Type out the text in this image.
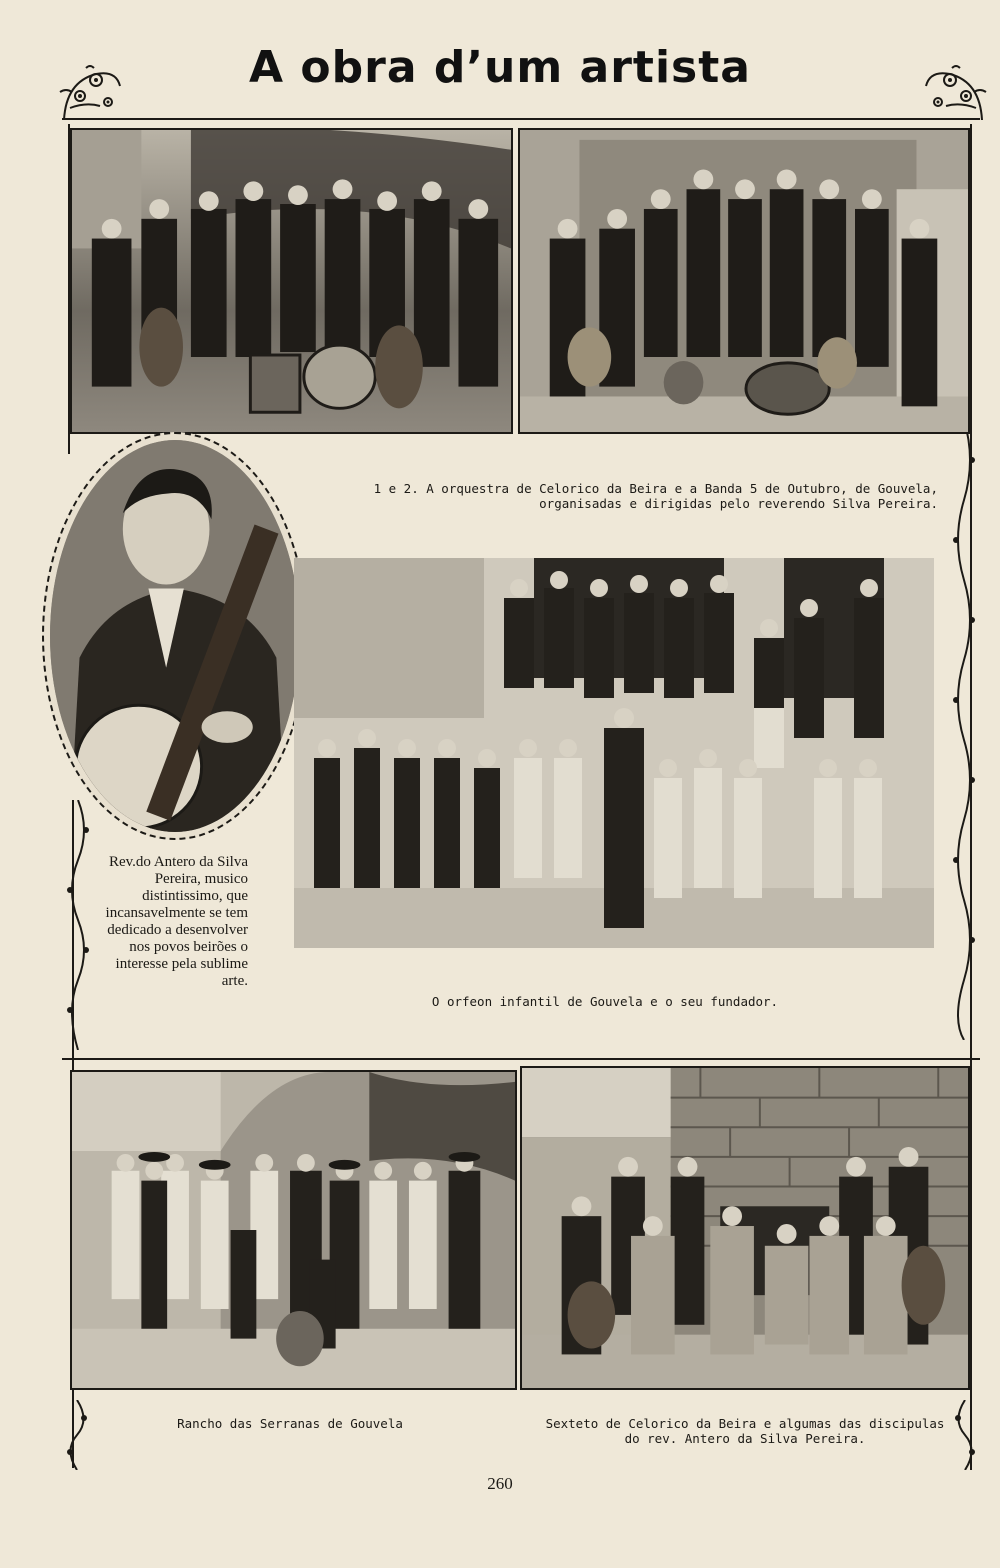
A obra d’um artista
1 e 2. A orquestra de Celorico da Beira e a Banda 5 de Outubro, de Gouvela, organisadas e dirigidas pelo reverendo Silva Pereira.
Rev.do Antero da Silva Pereira, musico distintissimo, que incansavelmente se tem dedicado a desenvolver nos povos beirões o interesse pela sublime arte.
O orfeon infantil de Gouvela e o seu fundador.
Rancho das Serranas de Gouvela	Sexteto de Celorico da Beira e algumas das discipulas do rev. Antero da Silva Pereira.
260
